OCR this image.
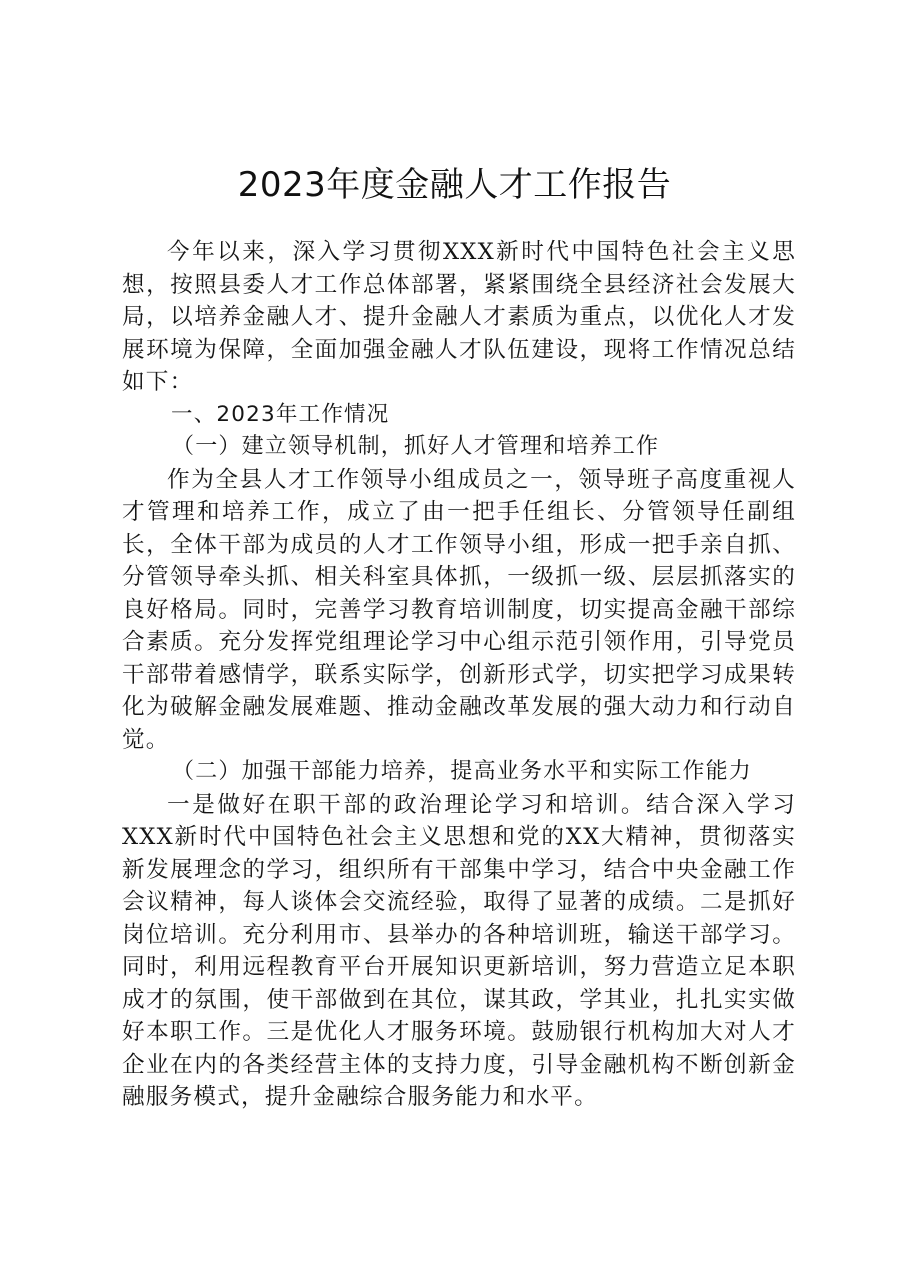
2023年度金融人才工作报告

今年以来，深入学习贯彻XXX新时代中国特色社会主义思想，按照县委人才工作总体部署，紧紧围绕全县经济社会发展大局，以培养金融人才、提升金融人才素质为重点，以优化人才发展环境为保障，全面加强金融人才队伍建设，现将工作情况总结如下：

一、2023年工作情况

（一）建立领导机制，抓好人才管理和培养工作

作为全县人才工作领导小组成员之一，领导班子高度重视人才管理和培养工作，成立了由一把手任组长、分管领导任副组长，全体干部为成员的人才工作领导小组，形成一把手亲自抓、分管领导牵头抓、相关科室具体抓，一级抓一级、层层抓落实的良好格局。同时，完善学习教育培训制度，切实提高金融干部综合素质。充分发挥党组理论学习中心组示范引领作用，引导党员干部带着感情学，联系实际学，创新形式学，切实把学习成果转化为破解金融发展难题、推动金融改革发展的强大动力和行动自觉。

（二）加强干部能力培养，提高业务水平和实际工作能力

一是做好在职干部的政治理论学习和培训。结合深入学习XXX新时代中国特色社会主义思想和党的XX大精神，贯彻落实新发展理念的学习，组织所有干部集中学习，结合中央金融工作会议精神，每人谈体会交流经验，取得了显著的成绩。二是抓好岗位培训。充分利用市、县举办的各种培训班，输送干部学习。同时，利用远程教育平台开展知识更新培训，努力营造立足本职成才的氛围，使干部做到在其位，谋其政，学其业，扎扎实实做好本职工作。三是优化人才服务环境。鼓励银行机构加大对人才企业在内的各类经营主体的支持力度，引导金融机构不断创新金融服务模式，提升金融综合服务能力和水平。
